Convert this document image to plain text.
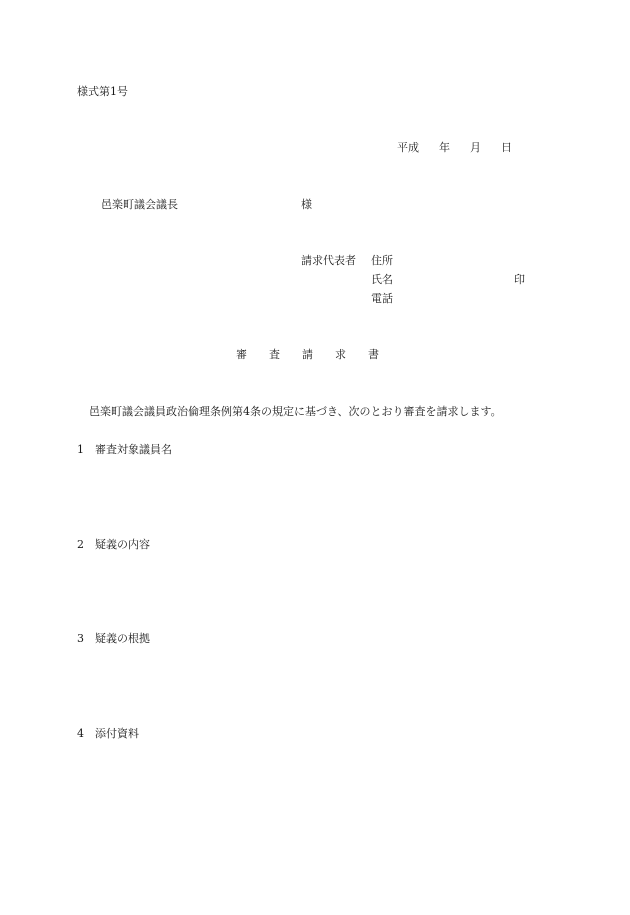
様式第1号

平成 年 月 日

邑楽町議会議長	様

請求代表者 住所

氏名	印

電話

審 査 請 求 書

邑楽町議会議員政治倫理条例第4条の規定に基づき、次のとおり審査を請求します。

1 審査対象議員名

2 疑義の内容

3 疑義の根拠

4 添付資料
